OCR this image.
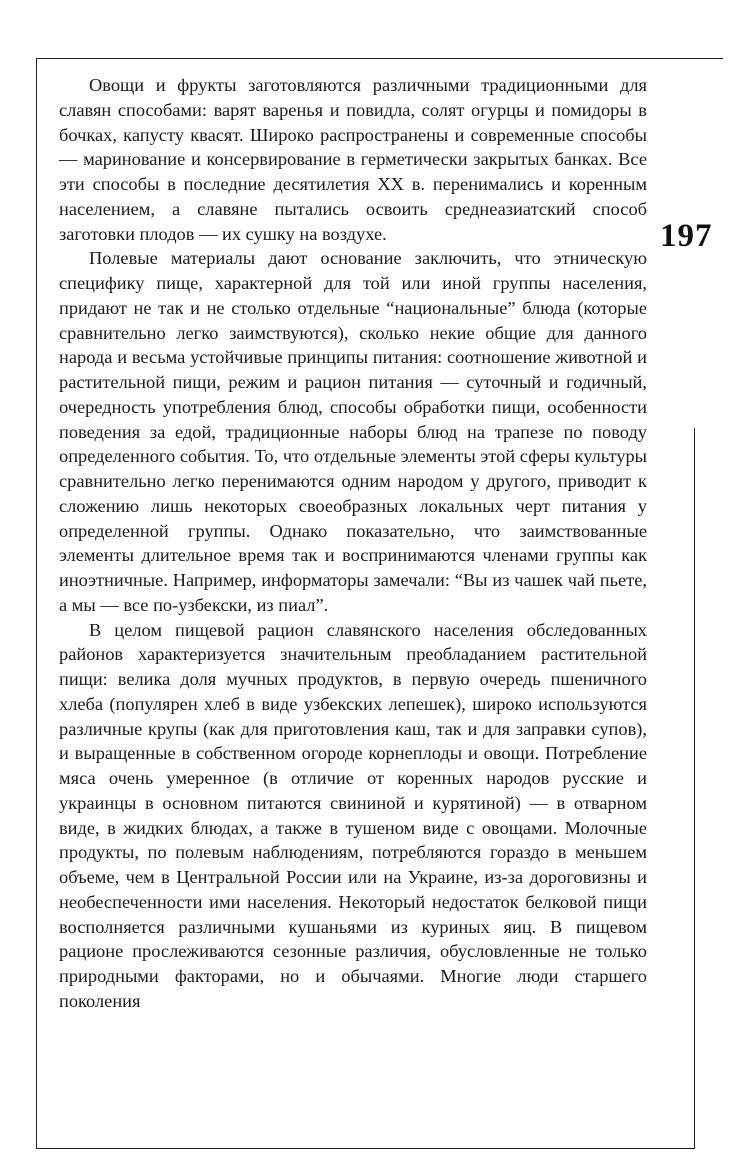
197

Овощи и фрукты заготовляются различными традиционными для славян способами: варят варенья и повидла, солят огурцы и помидоры в бочках, капусту квасят. Широко распространены и современные способы — маринование и консервирование в герметически закрытых банках. Все эти способы в последние десятилетия XX в. перенимались и коренным населением, а славяне пытались освоить среднеазиатский способ заготовки плодов — их сушку на воздухе.

Полевые материалы дают основание заключить, что этническую специфику пище, характерной для той или иной группы населения, придают не так и не столько отдельные “национальные” блюда (которые сравнительно легко заимствуются), сколько некие общие для данного народа и весьма устойчивые принципы питания: соотношение животной и растительной пищи, режим и рацион питания — суточный и годичный, очередность употребления блюд, способы обработки пищи, особенности поведения за едой, традиционные наборы блюд на трапезе по поводу определенного события. То, что отдельные элементы этой сферы культуры сравнительно легко перенимаются одним народом у другого, приводит к сложению лишь некоторых своеобразных локальных черт питания у определенной группы. Однако показательно, что заимствованные элементы длительное время так и воспринимаются членами группы как иноэтничные. Например, информаторы замечали: “Вы из чашек чай пьете, а мы — все по-узбекски, из пиал”.

В целом пищевой рацион славянского населения обследованных районов характеризуется значительным преобладанием растительной пищи: велика доля мучных продуктов, в первую очередь пшеничного хлеба (популярен хлеб в виде узбекских лепешек), широко используются различные крупы (как для приготовления каш, так и для заправки супов), и выращенные в собственном огороде корнеплоды и овощи. Потребление мяса очень умеренное (в отличие от коренных народов русские и украинцы в основном питаются свининой и курятиной) — в отварном виде, в жидких блюдах, а также в тушеном виде с овощами. Молочные продукты, по полевым наблюдениям, потребляются гораздо в меньшем объеме, чем в Центральной России или на Украине, из-за дороговизны и необеспеченности ими населения. Некоторый недостаток белковой пищи восполняется различными кушаньями из куриных яиц. В пищевом рационе прослеживаются сезонные различия, обусловленные не только природными факторами, но и обычаями. Многие люди старшего поколения
